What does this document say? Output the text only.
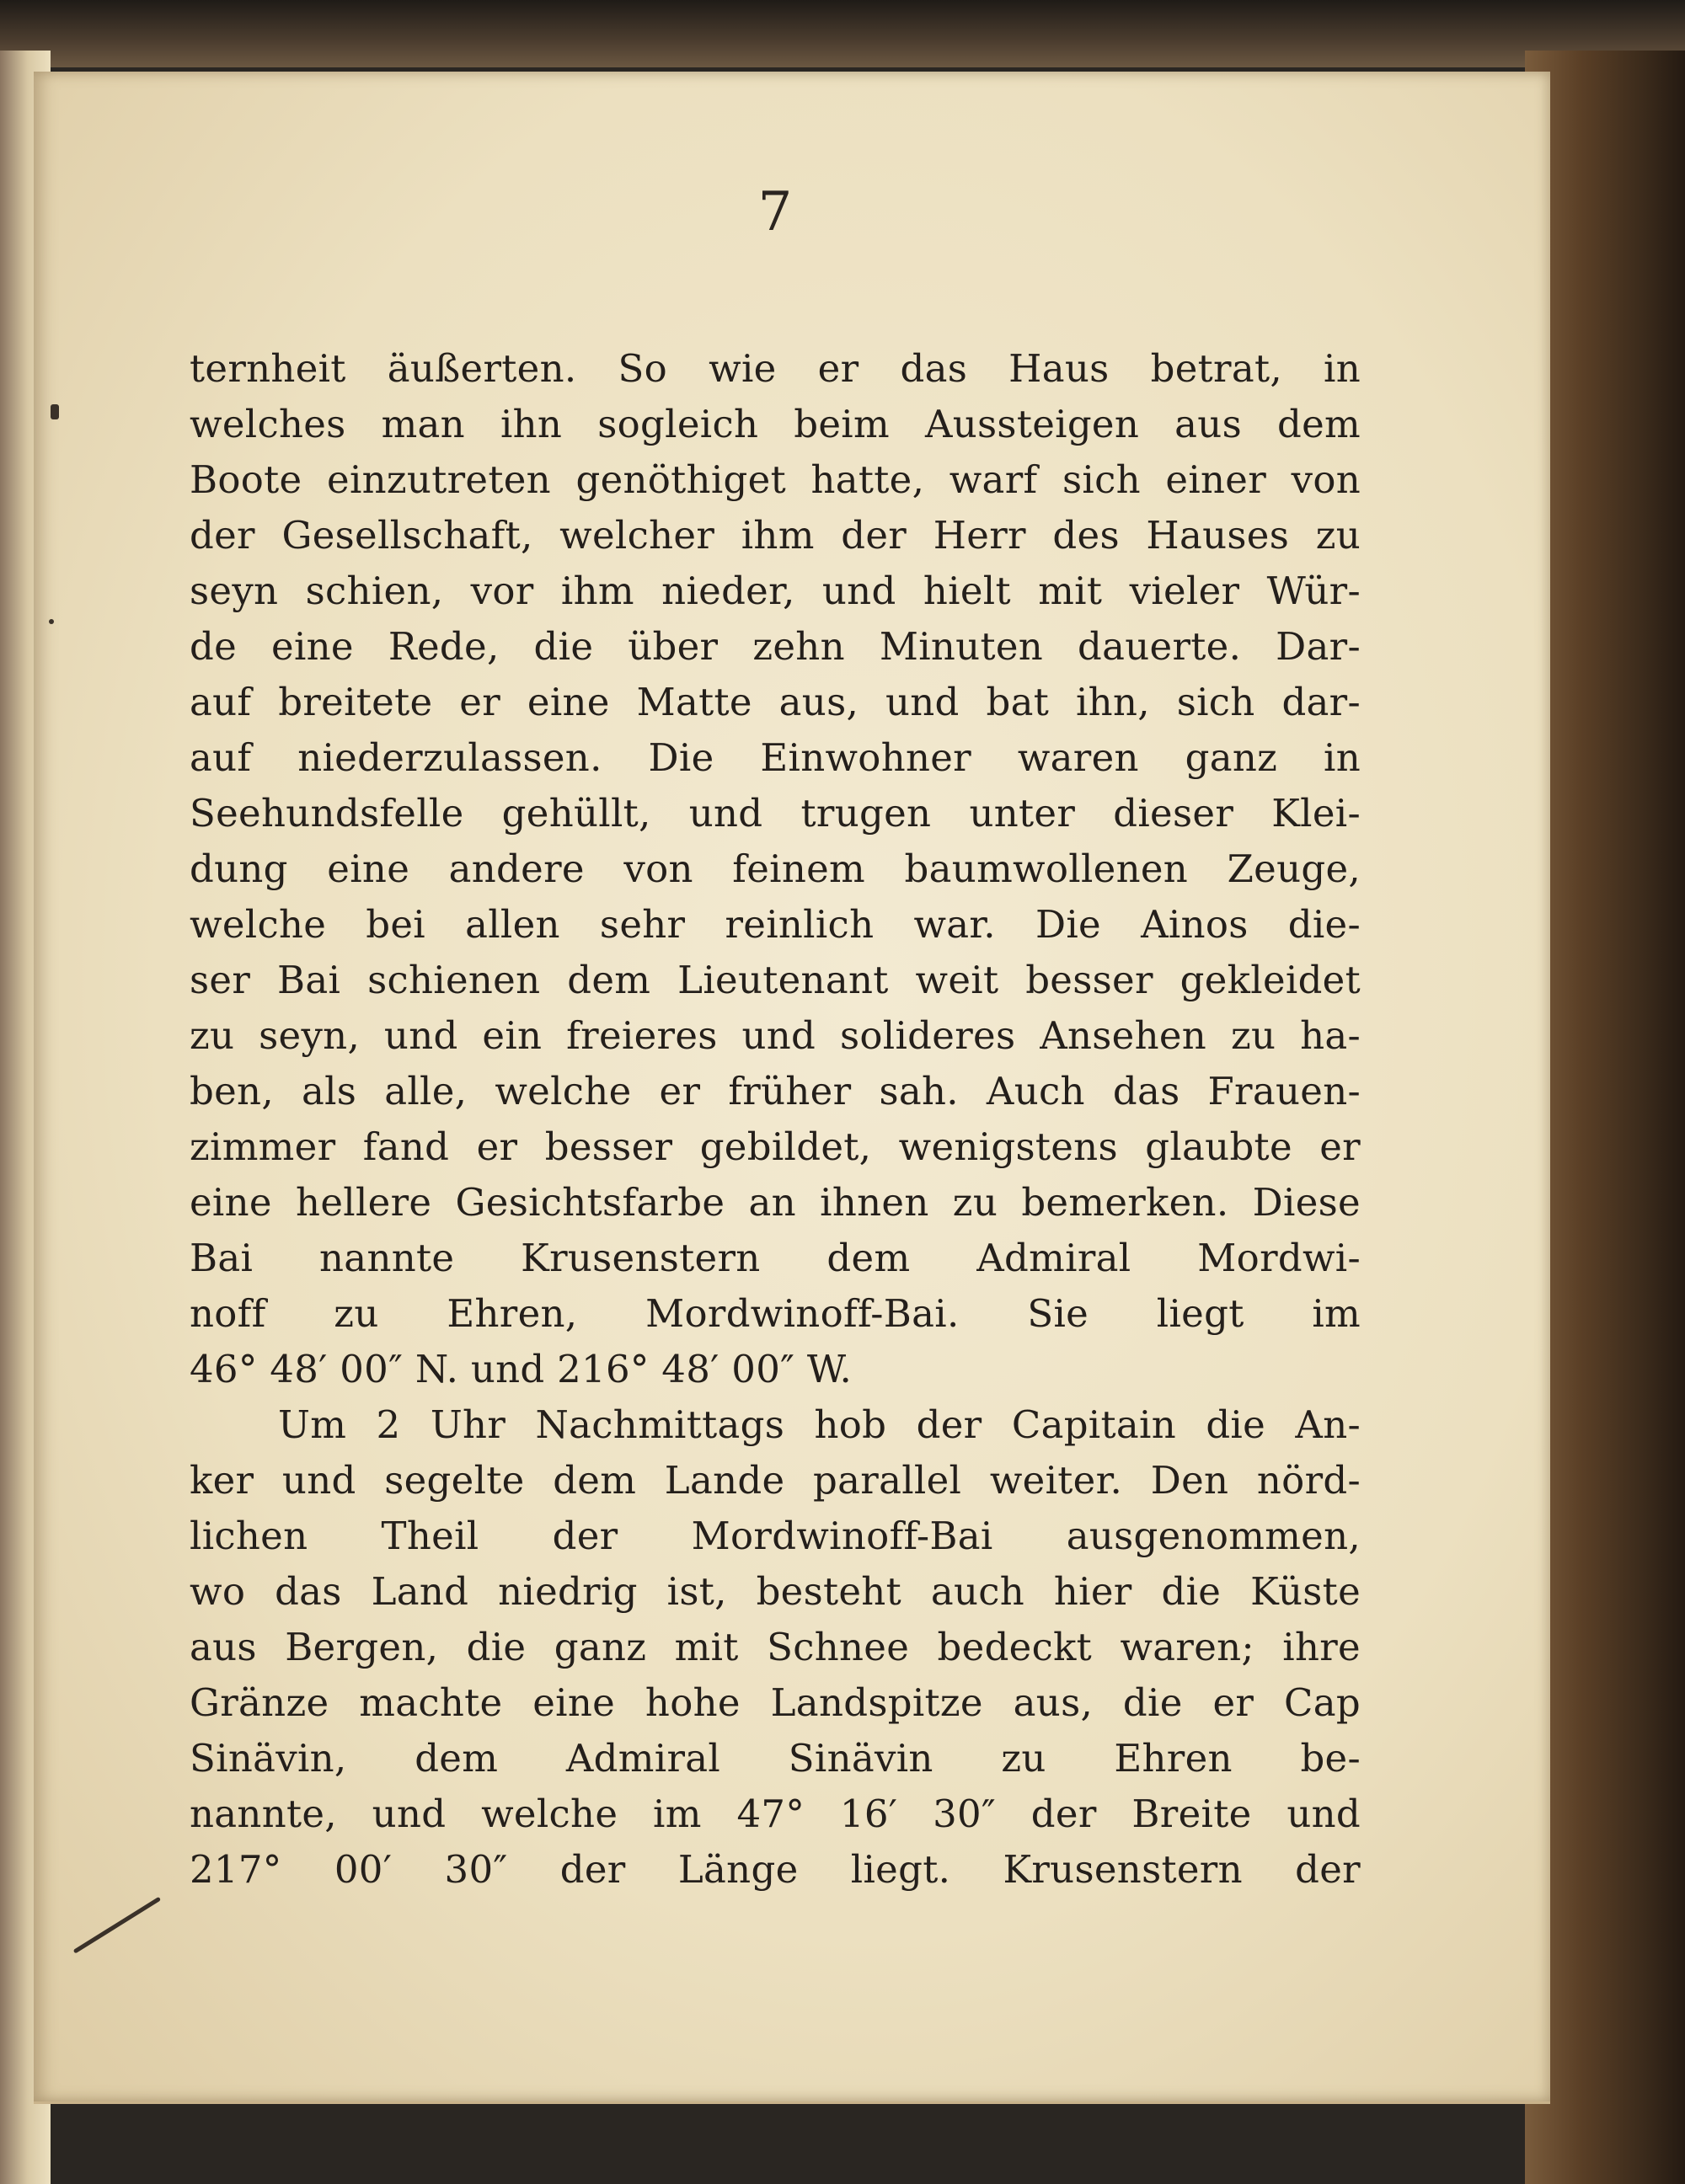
7
ternheit äußerten. So wie er das Haus betrat, in
welches man ihn sogleich beim Aussteigen aus dem
Boote einzutreten genöthiget hatte, warf sich einer von
der Gesellschaft, welcher ihm der Herr des Hauses zu
seyn schien, vor ihm nieder, und hielt mit vieler Wür-
de eine Rede, die über zehn Minuten dauerte. Dar-
auf breitete er eine Matte aus, und bat ihn, sich dar-
auf niederzulassen. Die Einwohner waren ganz in
Seehundsfelle gehüllt, und trugen unter dieser Klei-
dung eine andere von feinem baumwollenen Zeuge,
welche bei allen sehr reinlich war. Die Ainos die-
ser Bai schienen dem Lieutenant weit besser gekleidet
zu seyn, und ein freieres und solideres Ansehen zu ha-
ben, als alle, welche er früher sah. Auch das Frauen-
zimmer fand er besser gebildet, wenigstens glaubte er
eine hellere Gesichtsfarbe an ihnen zu bemerken. Diese
Bai nannte Krusenstern dem Admiral Mordwi-
noff zu Ehren, Mordwinoff-Bai. Sie liegt im
46° 48′ 00″ N. und 216° 48′ 00″ W.
Um 2 Uhr Nachmittags hob der Capitain die An-
ker und segelte dem Lande parallel weiter. Den nörd-
lichen Theil der Mordwinoff-Bai ausgenommen,
wo das Land niedrig ist, besteht auch hier die Küste
aus Bergen, die ganz mit Schnee bedeckt waren; ihre
Gränze machte eine hohe Landspitze aus, die er Cap
Sinävin, dem Admiral Sinävin zu Ehren be-
nannte, und welche im 47° 16′ 30″ der Breite und
217° 00′ 30″ der Länge liegt. Krusenstern der
